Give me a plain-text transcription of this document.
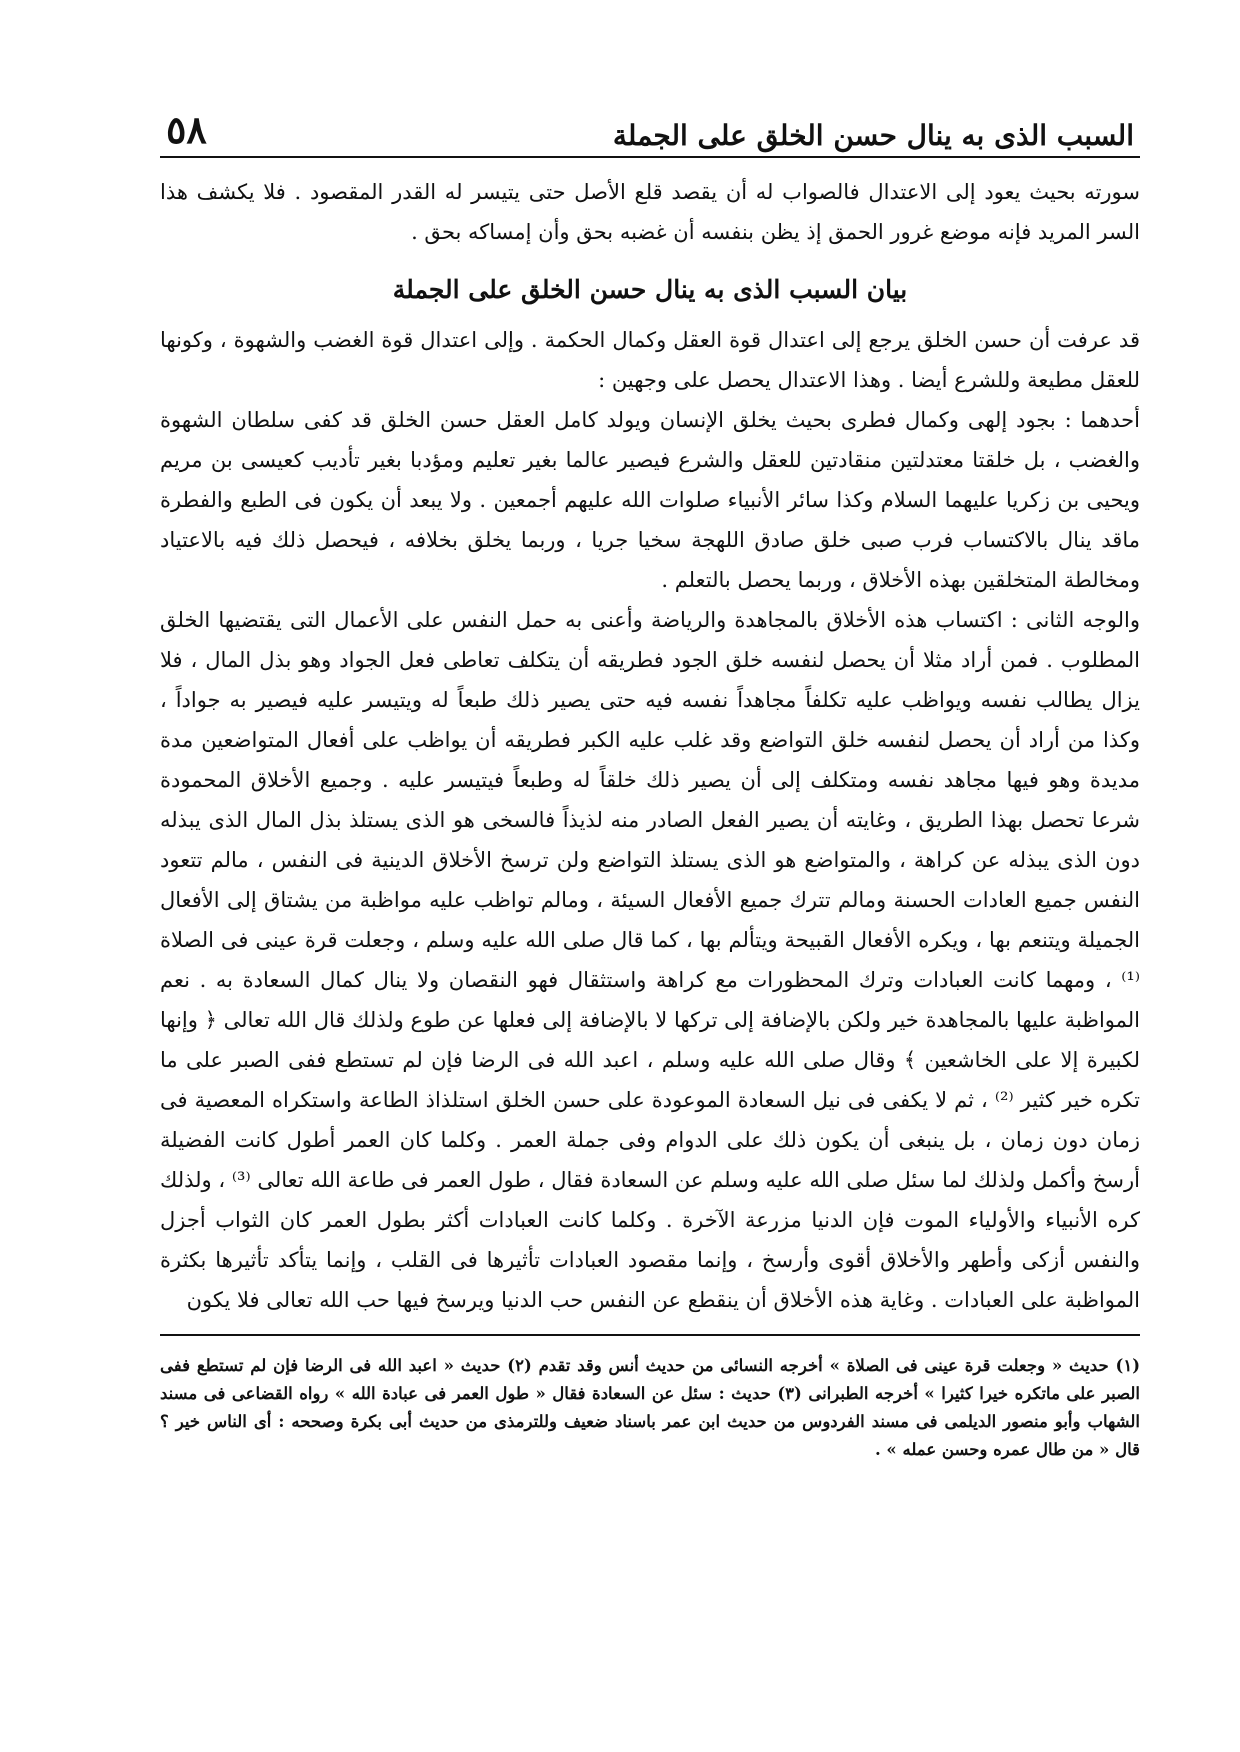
السبب الذى به ينال حسن الخلق على الجملة
٥٨

سورته بحيث يعود إلى الاعتدال فالصواب له أن يقصد قلع الأصل حتى يتيسر له القدر المقصود . فلا يكشف هذا السر المريد فإنه موضع غرور الحمق إذ يظن بنفسه أن غضبه بحق وأن إمساكه بحق .

بيان السبب الذى به ينال حسن الخلق على الجملة

قد عرفت أن حسن الخلق يرجع إلى اعتدال قوة العقل وكمال الحكمة . وإلى اعتدال قوة الغضب والشهوة ، وكونها للعقل مطيعة وللشرع أيضا . وهذا الاعتدال يحصل على وجهين :

أحدهما : بجود إلهى وكمال فطرى بحيث يخلق الإنسان ويولد كامل العقل حسن الخلق قد كفى سلطان الشهوة والغضب ، بل خلقتا معتدلتين منقادتين للعقل والشرع فيصير عالما بغير تعليم ومؤدبا بغير تأديب كعيسى بن مريم ويحيى بن زكريا عليهما السلام وكذا سائر الأنبياء صلوات الله عليهم أجمعين . ولا يبعد أن يكون فى الطبع والفطرة ماقد ينال بالاكتساب فرب صبى خلق صادق اللهجة سخيا جريا ، وربما يخلق بخلافه ، فيحصل ذلك فيه بالاعتياد ومخالطة المتخلقين بهذه الأخلاق ، وربما يحصل بالتعلم .

والوجه الثانى : اكتساب هذه الأخلاق بالمجاهدة والرياضة وأعنى به حمل النفس على الأعمال التى يقتضيها الخلق المطلوب . فمن أراد مثلا أن يحصل لنفسه خلق الجود فطريقه أن يتكلف تعاطى فعل الجواد وهو بذل المال ، فلا يزال يطالب نفسه ويواظب عليه تكلفاً مجاهداً نفسه فيه حتى يصير ذلك طبعاً له ويتيسر عليه فيصير به جواداً ، وكذا من أراد أن يحصل لنفسه خلق التواضع وقد غلب عليه الكبر فطريقه أن يواظب على أفعال المتواضعين مدة مديدة وهو فيها مجاهد نفسه ومتكلف إلى أن يصير ذلك خلقاً له وطبعاً فيتيسر عليه . وجميع الأخلاق المحمودة شرعا تحصل بهذا الطريق ، وغايته أن يصير الفعل الصادر منه لذيذاً فالسخى هو الذى يستلذ بذل المال الذى يبذله دون الذى يبذله عن كراهة ، والمتواضع هو الذى يستلذ التواضع ولن ترسخ الأخلاق الدينية فى النفس ، مالم تتعود النفس جميع العادات الحسنة ومالم تترك جميع الأفعال السيئة ، ومالم تواظب عليه مواظبة من يشتاق إلى الأفعال الجميلة ويتنعم بها ، ويكره الأفعال القبيحة ويتألم بها ، كما قال صلى الله عليه وسلم ، وجعلت قرة عينى فى الصلاة ⁽¹⁾ ، ومهما كانت العبادات وترك المحظورات مع كراهة واستثقال فهو النقصان ولا ينال كمال السعادة به . نعم المواظبة عليها بالمجاهدة خير ولكن بالإضافة إلى تركها لا بالإضافة إلى فعلها عن طوع ولذلك قال الله تعالى ﴿ وإنها لكبيرة إلا على الخاشعين ﴾ وقال صلى الله عليه وسلم ، اعبد الله فى الرضا فإن لم تستطع ففى الصبر على ما تكره خير كثير ⁽²⁾ ، ثم لا يكفى فى نيل السعادة الموعودة على حسن الخلق استلذاذ الطاعة واستكراه المعصية فى زمان دون زمان ، بل ينبغى أن يكون ذلك على الدوام وفى جملة العمر . وكلما كان العمر أطول كانت الفضيلة أرسخ وأكمل ولذلك لما سئل صلى الله عليه وسلم عن السعادة فقال ، طول العمر فى طاعة الله تعالى ⁽³⁾ ، ولذلك كره الأنبياء والأولياء الموت فإن الدنيا مزرعة الآخرة . وكلما كانت العبادات أكثر بطول العمر كان الثواب أجزل والنفس أزكى وأطهر والأخلاق أقوى وأرسخ ، وإنما مقصود العبادات تأثيرها فى القلب ، وإنما يتأكد تأثيرها بكثرة المواظبة على العبادات . وغاية هذه الأخلاق أن ينقطع عن النفس حب الدنيا ويرسخ فيها حب الله تعالى فلا يكون

(١) حديث « وجعلت قرة عينى فى الصلاة » أخرجه النسائى من حديث أنس وقد تقدم (٢) حديث « اعبد الله فى الرضا فإن لم تستطع ففى الصبر على ماتكره خيرا كثيرا » أخرجه الطبرانى (٣) حديث : سئل عن السعادة فقال « طول العمر فى عبادة الله » رواه القضاعى فى مسند الشهاب وأبو منصور الديلمى فى مسند الفردوس من حديث ابن عمر باسناد ضعيف وللترمذى من حديث أبى بكرة وصححه : أى الناس خير ؟ قال « من طال عمره وحسن عمله » .
